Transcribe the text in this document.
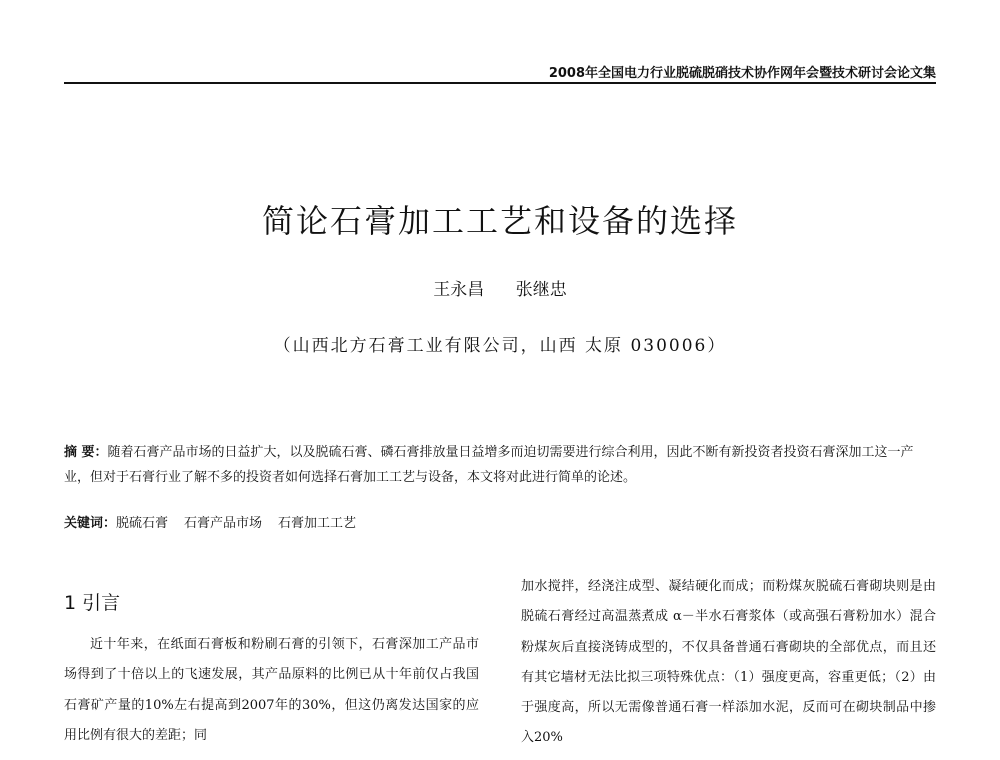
2008年全国电力行业脱硫脱硝技术协作网年会暨技术研讨会论文集
简论石膏加工工艺和设备的选择
王永昌 张继忠
（山西北方石膏工业有限公司，山西 太原 030006）
摘 要：随着石膏产品市场的日益扩大，以及脱硫石膏、磷石膏排放量日益增多而迫切需要进行综合利用，因此不断有新投资者投资石膏深加工这一产业，但对于石膏行业了解不多的投资者如何选择石膏加工工艺与设备，本文将对此进行简单的论述。
关键词：脱硫石膏 石膏产品市场 石膏加工工艺
1 引言
近十年来，在纸面石膏板和粉刷石膏的引领下，石膏深加工产品市场得到了十倍以上的飞速发展，其产品原料的比例已从十年前仅占我国石膏矿产量的10%左右提高到2007年的30%，但这仍离发达国家的应用比例有很大的差距；同
加水搅拌，经浇注成型、凝结硬化而成；而粉煤灰脱硫石膏砌块则是由脱硫石膏经过高温蒸煮成 α－半水石膏浆体（或高强石膏粉加水）混合粉煤灰后直接浇铸成型的，不仅具备普通石膏砌块的全部优点，而且还有其它墙材无法比拟三项特殊优点：（1）强度更高，容重更低；（2）由于强度高，所以无需像普通石膏一样添加水泥，反而可在砌块制品中掺入20%
